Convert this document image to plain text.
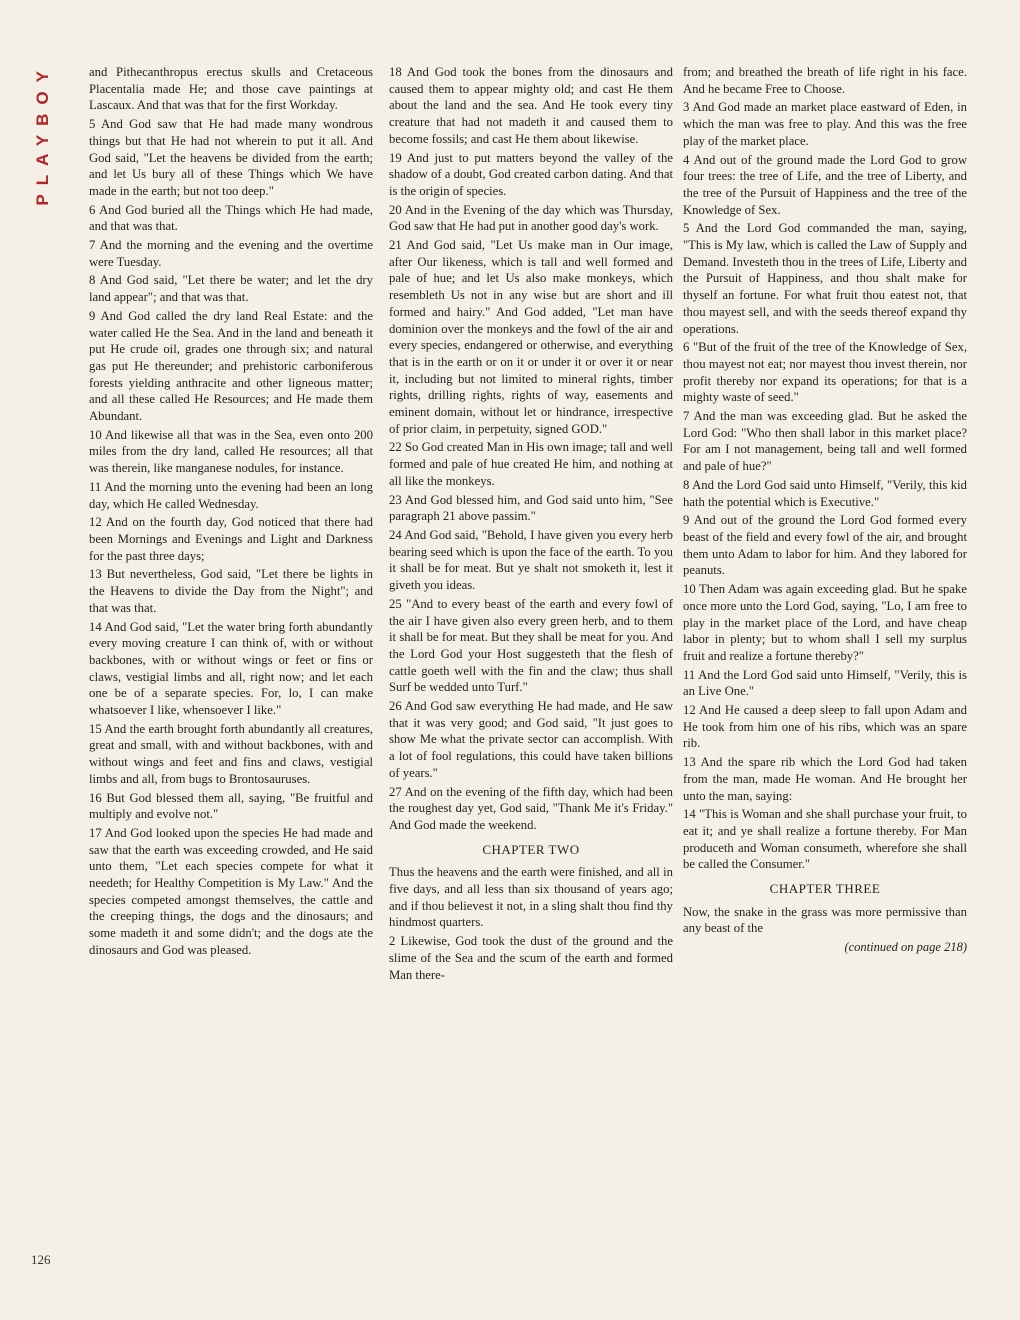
PLAYBOY
126

and Pithecanthropus erectus skulls and Cretaceous Placentalia made He; and those cave paintings at Lascaux. And that was that for the first Workday.

5 And God saw that He had made many wondrous things but that He had not wherein to put it all. And God said, "Let the heavens be divided from the earth; and let Us bury all of these Things which We have made in the earth; but not too deep."

6 And God buried all the Things which He had made, and that was that.

7 And the morning and the evening and the overtime were Tuesday.

8 And God said, "Let there be water; and let the dry land appear"; and that was that.

9 And God called the dry land Real Estate: and the water called He the Sea. And in the land and beneath it put He crude oil, grades one through six; and natural gas put He thereunder; and prehistoric carboniferous forests yielding anthracite and other ligneous matter; and all these called He Resources; and He made them Abundant.

10 And likewise all that was in the Sea, even onto 200 miles from the dry land, called He resources; all that was therein, like manganese nodules, for instance.

11 And the morning unto the evening had been an long day, which He called Wednesday.

12 And on the fourth day, God noticed that there had been Mornings and Evenings and Light and Darkness for the past three days;

13 But nevertheless, God said, "Let there be lights in the Heavens to divide the Day from the Night"; and that was that.

14 And God said, "Let the water bring forth abundantly every moving creature I can think of, with or without backbones, with or without wings or feet or fins or claws, vestigial limbs and all, right now; and let each one be of a separate species. For, lo, I can make whatsoever I like, whensoever I like."

15 And the earth brought forth abundantly all creatures, great and small, with and without backbones, with and without wings and feet and fins and claws, vestigial limbs and all, from bugs to Brontosauruses.

16 But God blessed them all, saying, "Be fruitful and multiply and evolve not."

17 And God looked upon the species He had made and saw that the earth was exceeding crowded, and He said unto them, "Let each species compete for what it needeth; for Healthy Competition is My Law." And the species competed amongst themselves, the cattle and the creeping things, the dogs and the dinosaurs; and some madeth it and some didn't; and the dogs ate the dinosaurs and God was pleased.

18 And God took the bones from the dinosaurs and caused them to appear mighty old; and cast He them about the land and the sea. And He took every tiny creature that had not madeth it and caused them to become fossils; and cast He them about likewise.

19 And just to put matters beyond the valley of the shadow of a doubt, God created carbon dating. And that is the origin of species.

20 And in the Evening of the day which was Thursday, God saw that He had put in another good day's work.

21 And God said, "Let Us make man in Our image, after Our likeness, which is tall and well formed and pale of hue; and let Us also make monkeys, which resembleth Us not in any wise but are short and ill formed and hairy." And God added, "Let man have dominion over the monkeys and the fowl of the air and every species, endangered or otherwise, and everything that is in the earth or on it or under it or over it or near it, including but not limited to mineral rights, timber rights, drilling rights, rights of way, easements and eminent domain, without let or hindrance, irrespective of prior claim, in perpetuity, signed GOD."

22 So God created Man in His own image; tall and well formed and pale of hue created He him, and nothing at all like the monkeys.

23 And God blessed him, and God said unto him, "See paragraph 21 above passim."

24 And God said, "Behold, I have given you every herb bearing seed which is upon the face of the earth. To you it shall be for meat. But ye shalt not smoketh it, lest it giveth you ideas.

25 "And to every beast of the earth and every fowl of the air I have given also every green herb, and to them it shall be for meat. But they shall be meat for you. And the Lord God your Host suggesteth that the flesh of cattle goeth well with the fin and the claw; thus shall Surf be wedded unto Turf."

26 And God saw everything He had made, and He saw that it was very good; and God said, "It just goes to show Me what the private sector can accomplish. With a lot of fool regulations, this could have taken billions of years."

27 And on the evening of the fifth day, which had been the roughest day yet, God said, "Thank Me it's Friday." And God made the weekend.

CHAPTER TWO

Thus the heavens and the earth were finished, and all in five days, and all less than six thousand of years ago; and if thou believest it not, in a sling shalt thou find thy hindmost quarters.

2 Likewise, God took the dust of the ground and the slime of the Sea and the scum of the earth and formed Man there-

from; and breathed the breath of life right in his face. And he became Free to Choose.

3 And God made an market place eastward of Eden, in which the man was free to play. And this was the free play of the market place.

4 And out of the ground made the Lord God to grow four trees: the tree of Life, and the tree of Liberty, and the tree of the Pursuit of Happiness and the tree of the Knowledge of Sex.

5 And the Lord God commanded the man, saying, "This is My law, which is called the Law of Supply and Demand. Investeth thou in the trees of Life, Liberty and the Pursuit of Happiness, and thou shalt make for thyself an fortune. For what fruit thou eatest not, that thou mayest sell, and with the seeds thereof expand thy operations.

6 "But of the fruit of the tree of the Knowledge of Sex, thou mayest not eat; nor mayest thou invest therein, nor profit thereby nor expand its operations; for that is a mighty waste of seed."

7 And the man was exceeding glad. But he asked the Lord God: "Who then shall labor in this market place? For am I not management, being tall and well formed and pale of hue?"

8 And the Lord God said unto Himself, "Verily, this kid hath the potential which is Executive."

9 And out of the ground the Lord God formed every beast of the field and every fowl of the air, and brought them unto Adam to labor for him. And they labored for peanuts.

10 Then Adam was again exceeding glad. But he spake once more unto the Lord God, saying, "Lo, I am free to play in the market place of the Lord, and have cheap labor in plenty; but to whom shall I sell my surplus fruit and realize a fortune thereby?"

11 And the Lord God said unto Himself, "Verily, this is an Live One."

12 And He caused a deep sleep to fall upon Adam and He took from him one of his ribs, which was an spare rib.

13 And the spare rib which the Lord God had taken from the man, made He woman. And He brought her unto the man, saying:

14 "This is Woman and she shall purchase your fruit, to eat it; and ye shall realize a fortune thereby. For Man produceth and Woman consumeth, wherefore she shall be called the Consumer."

CHAPTER THREE

Now, the snake in the grass was more permissive than any beast of the

(continued on page 218)
